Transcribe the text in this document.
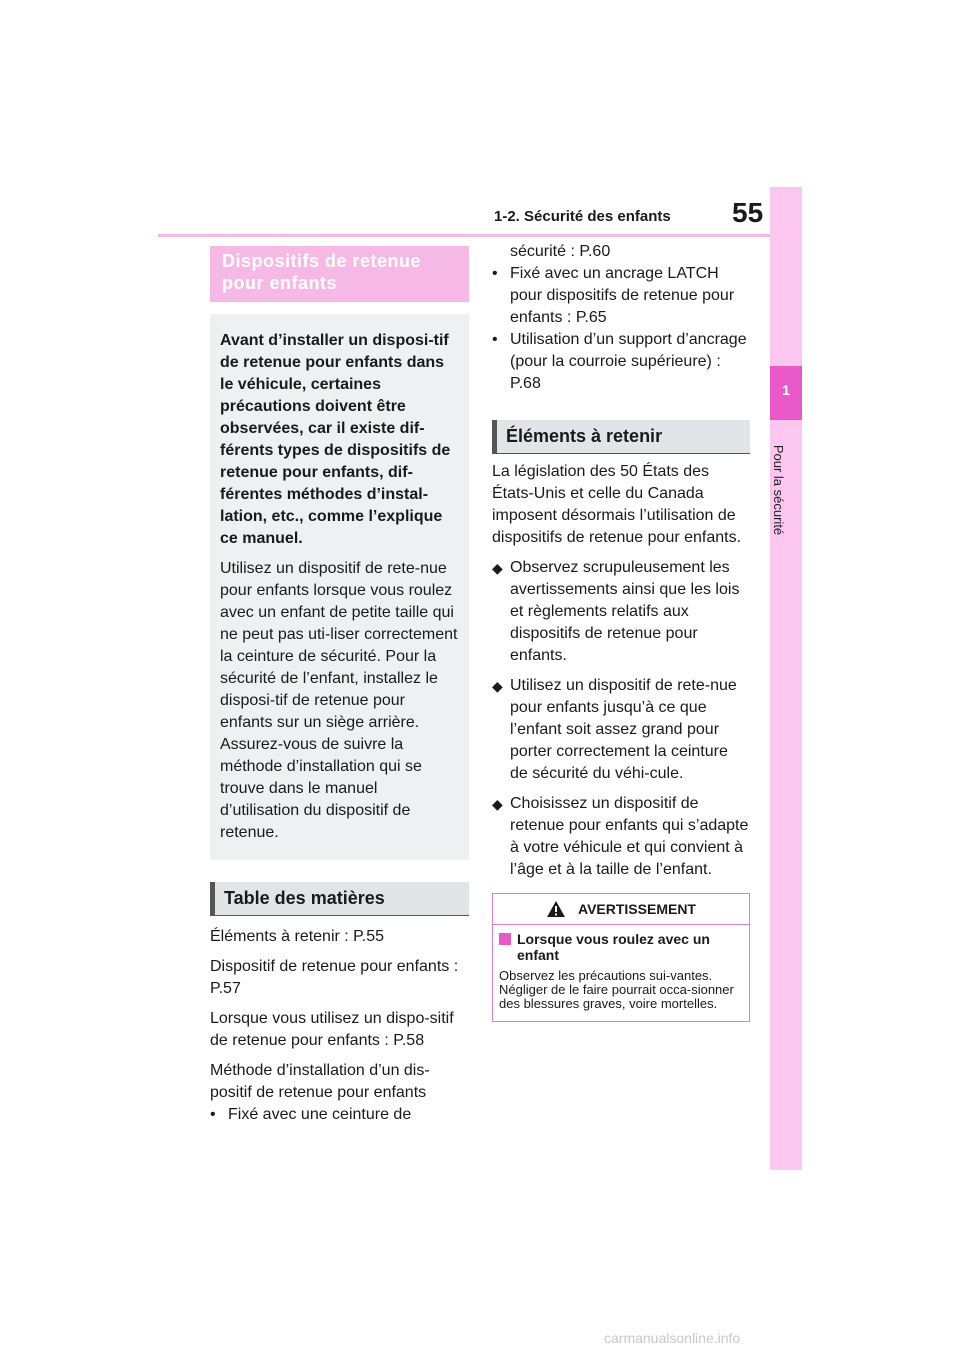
1-2. Sécurité des enfants 55
1
Pour la sécurité
Dispositifs de retenue pour enfants

Avant d’installer un disposi-tif de retenue pour enfants dans le véhicule, certaines précautions doivent être observées, car il existe dif-férents types de dispositifs de retenue pour enfants, dif-férentes méthodes d’instal-lation, etc., comme l’explique ce manuel.

Utilisez un dispositif de rete-nue pour enfants lorsque vous roulez avec un enfant de petite taille qui ne peut pas uti-liser correctement la ceinture de sécurité. Pour la sécurité de l’enfant, installez le disposi-tif de retenue pour enfants sur un siège arrière. Assurez-vous de suivre la méthode d’installation qui se trouve dans le manuel d’utilisation du dispositif de retenue.

Table des matières

Éléments à retenir : P.55

Dispositif de retenue pour enfants : P.57

Lorsque vous utilisez un dispo-sitif de retenue pour enfants : P.58

Méthode d’installation d’un dis-positif de retenue pour enfants

• Fixé avec une ceinture de
sécurité : P.60
• Fixé avec un ancrage LATCH pour dispositifs de retenue pour enfants : P.65
• Utilisation d’un support d’ancrage (pour la courroie supérieure) : P.68
Éléments à retenir

La législation des 50 États des États-Unis et celle du Canada imposent désormais l’utilisation de dispositifs de retenue pour enfants.

◆ Observez scrupuleusement les avertissements ainsi que les lois et règlements relatifs aux dispositifs de retenue pour enfants.
◆ Utilisez un dispositif de rete-nue pour enfants jusqu’à ce que l’enfant soit assez grand pour porter correctement la ceinture de sécurité du véhi-cule.
◆ Choisissez un dispositif de retenue pour enfants qui s’adapte à votre véhicule et qui convient à l’âge et à la taille de l’enfant.
AVERTISSEMENT
Lorsque vous roulez avec un enfant

Observez les précautions sui-vantes.

Négliger de le faire pourrait occa-sionner des blessures graves, voire mortelles.

carmanualsonline.info
